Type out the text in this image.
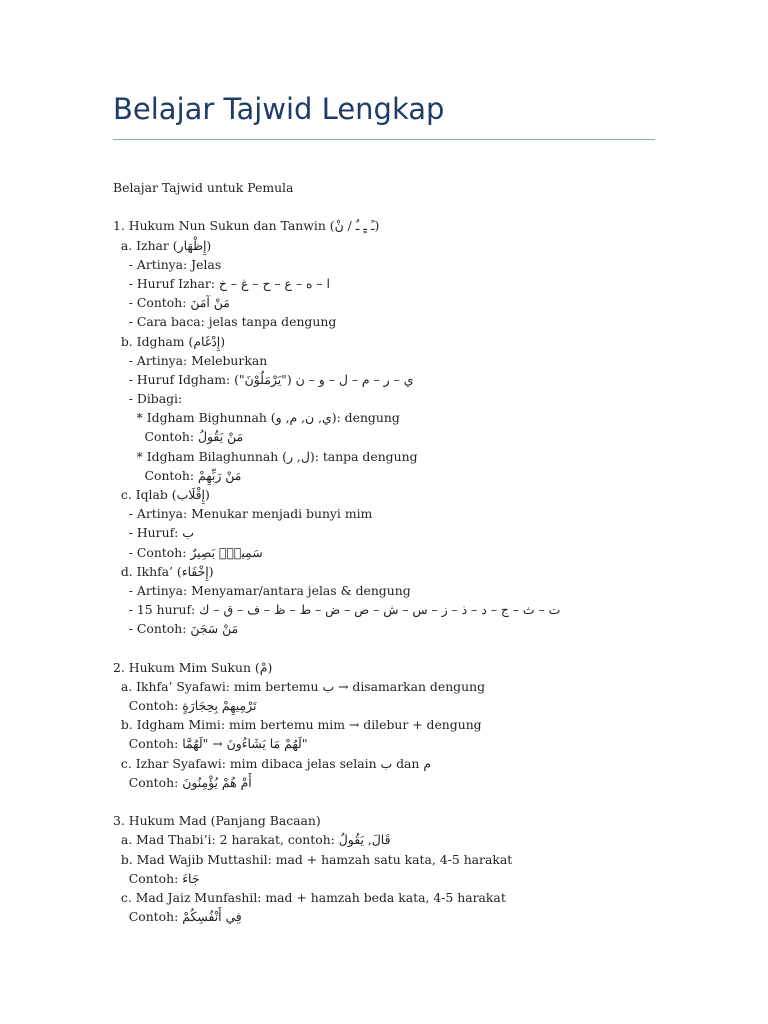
Belajar Tajwid Lengkap
Belajar Tajwid untuk Pemula
1. Hukum Nun Sukun dan Tanwin (ـً ـٍ ـٌ / نْ)
a. Izhar (إِظْهَار)
- Artinya: Jelas
- Huruf Izhar: ا – ه – ع – ح – غ – خ
- Contoh: مَنْ آمَنَ
- Cara baca: jelas tanpa dengung
b. Idgham (إِدْغَام)
- Artinya: Meleburkan
- Huruf Idgham: ي – ر – م – ل – و – ن ("يَرْمَلُوْنَ")
- Dibagi:
* Idgham Bighunnah (ي, ن, م, و): dengung
Contoh: مَنْ يَقُولُ
* Idgham Bilaghunnah (ل, ر): tanpa dengung
Contoh: مَنْ رَبِّهِمْ
c. Iqlab (إِقْلَاب)
- Artinya: Menukar menjadi bunyi mim
- Huruf: ب
- Contoh: سَمِيعٌۢ بَصِيرٌ
d. Ikhfa’ (إِخْفَاء)
- Artinya: Menyamar/antara jelas & dengung
- 15 huruf: ت – ث – ج – د – ذ – ز – س – ش – ص – ض – ط – ظ – ف – ق – ك
- Contoh: مَنْ سَجَنَ
2. Hukum Mim Sukun (مْ)
a. Ikhfa’ Syafawi: mim bertemu ب → disamarkan dengung
Contoh: تَرْمِيهِمْ بِحِجَارَةٍ
b. Idgham Mimi: mim bertemu mim → dilebur + dengung
Contoh: لَهُمْ مَا يَشَاءُونَ → "لَهُمَّا"
c. Izhar Syafawi: mim dibaca jelas selain ب dan م
Contoh: أَمْ هُمْ يُؤْمِنُونَ
3. Hukum Mad (Panjang Bacaan)
a. Mad Thabi’i: 2 harakat, contoh: قَالَ, يَقُولُ
b. Mad Wajib Muttashil: mad + hamzah satu kata, 4-5 harakat
Contoh: جَاءَ
c. Mad Jaiz Munfashil: mad + hamzah beda kata, 4-5 harakat
Contoh: فِي أَنْفُسِكُمْ
